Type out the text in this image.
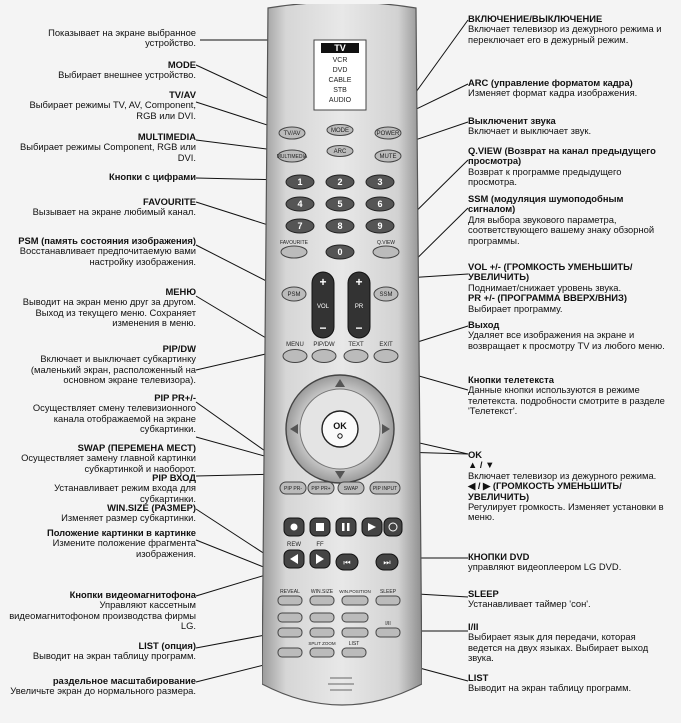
TV
VCR
DVD
CABLE
STB
AUDIO
TV/AV	MODE	POWER
MULTIMEDIA
ARC
MUTE
1	2	3
4	5	6
7	8	9
FAVOURITE
0
Q.VIEW
PSM	SSM
+
VOL
−
+
PR
−
MENU PIP/DW TEXT	EXIT
OK
PIP PR- PIP PR+	SWAP	PIP INPUT
REW	FF
⏮	⏭
REVEAL WIN.SIZE WIN.POSITION SLEEP
I/II
SPLIT ZOOM	LIST
Показывает на экране выбранное устройство.
MODE
Выбирает внешнее устройство.
TV/AV
Выбирает режимы TV, AV, Component, RGB или DVI.
MULTIMEDIA
Выбирает режимы Component, RGB или DVI.
Кнопки с цифрами
FAVOURITE
Вызывает на экране любимый канал.
PSM (память состояния изображения)
Восстанавливает предпочитаемую вами настройку изображения.
МЕНЮ
Выводит на экран меню друг за другом. Выход из текущего меню. Сохраняет изменения в меню.
PIP/DW
Включает и выключает субкартинку (маленький экран, расположенный на основном экране телевизора).
PIP PR+/-
Осуществляет смену телевизионного канала отображаемой на экране субкартинки.
SWAP (ПЕРЕМЕНА МЕСТ)
Осуществляет замену главной картинки субкартинкой и наоборот.
PIP ВХОД
Устанавливает режим входа для субкартинки.
WIN.SIZE (РАЗМЕР)
Изменяет размер субкартинки.
Положение картинки в картинке
Измените положение фрагмента изображения.
Кнопки видеомагнитофона
Управляют кассетным видеомагнитофоном производства фирмы LG.
LIST (опция)
Выводит на экран таблицу программ.
раздельное масштабирование
Увеличьте экран до нормального размера.
ВКЛЮЧЕНИЕ/ВЫКЛЮЧЕНИЕ
Включает телевизор из дежурного режима и переключает его в дежурный режим.
ARC (управление форматом кадра)
Изменяет формат кадра изображения.
Выключенит звука
Включает и выключает звук.
Q.VIEW (Возврат на канал предыдущего просмотра)
Возврат к программе предыдущего просмотра.
SSM (модуляция шумоподобным сигналом)
Для выбора звукового параметра, соответствующего вашему знаку обзорной программы.
VOL +/- (ГРОМКОСТЬ УМЕНЬШИТЬ/УВЕЛИЧИТЬ)
Поднимает/снижает уровень звука.
PR +/- (ПРОГРАММА ВВЕРХ/ВНИЗ)
Выбирает программу.
Выход
Удаляет все изображения на экране и возвращает к просмотру TV из любого меню.
Кнопки телетекста
Данные кнопки используются в режиме телетекста. подробности смотрите в разделе 'Телетекст'.
OK
▲ / ▼
Включает телевизор из дежурного режима.
◀ / ▶ (ГРОМКОСТЬ УМЕНЬШИТЬ/УВЕЛИЧИТЬ)
Регулирует громкость. Изменяет установки в меню.
КНОПКИ DVD
управляют видеоплеером LG DVD.
SLEEP
Устанавливает таймер 'сон'.
I/II
Выбирает язык для передачи, которая ведется на двух языках. Выбирает выход звука.
LIST
Выводит на экран таблицу программ.
